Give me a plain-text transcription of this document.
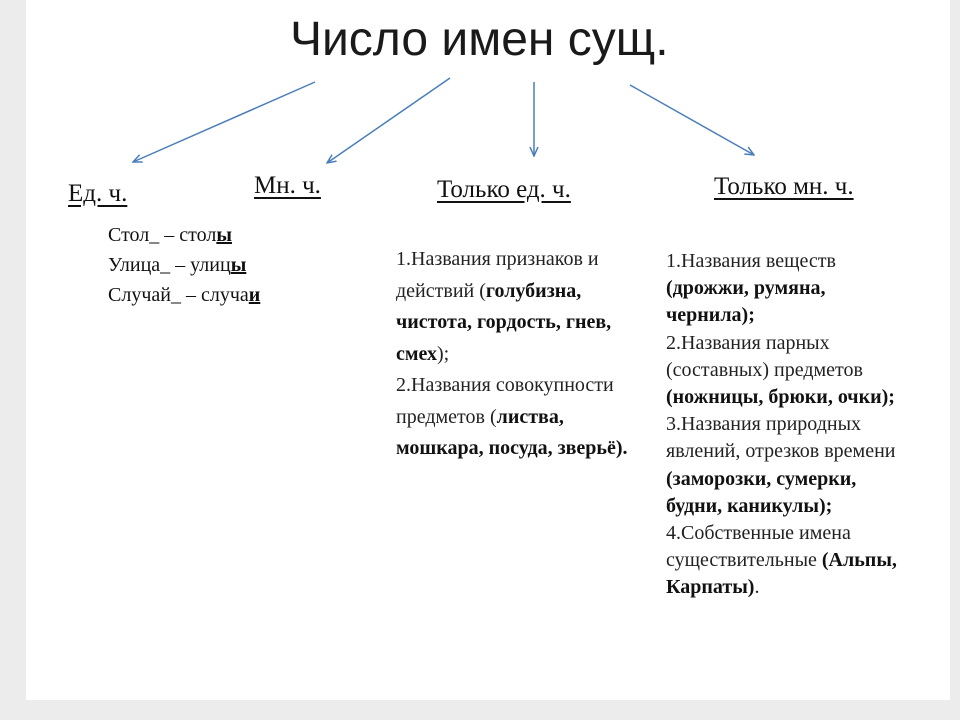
Число имен сущ.
Ед. ч.	Мн. ч.	Только ед. ч.	Только мн. ч.
Стол_ – столы
Улица_ – улицы
Случай_ – случаи
1.Названия признаков и действий (голубизна, чистота, гордость, гнев, смех);
2.Названия совокупности предметов (листва, мошкара, посуда, зверьё).
1.Названия веществ (дрожжи, румяна, чернила);
2.Названия парных (составных) предметов (ножницы, брюки, очки);
3.Названия природных явлений, отрезков времени (заморозки, сумерки, будни, каникулы);
4.Собственные имена существительные (Альпы, Карпаты).
